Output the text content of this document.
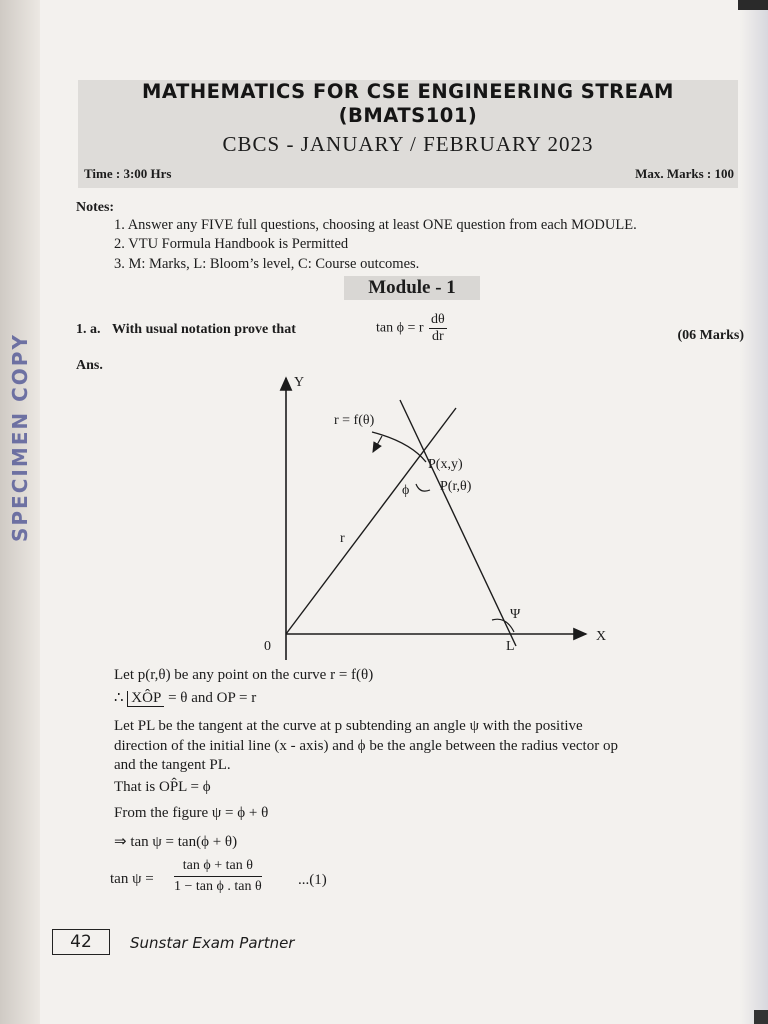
SPECIMEN COPY
MATHEMATICS FOR CSE ENGINEERING STREAM
(BMATS101)
CBCS - JANUARY / FEBRUARY 2023
Time : 3:00 Hrs	Max. Marks : 100
Notes:
1. Answer any FIVE full questions, choosing at least ONE question from each MODULE.
2. VTU Formula Handbook is Permitted
3. M: Marks, L: Bloom’s level, C: Course outcomes.
Module - 1
1. a. With usual notation prove that	tan ϕ = r $\frac{d\theta}{dr}$	(06 Marks)
Ans.
Y
X
0
r = f(θ)
P(x,y)
P(r,θ)
ϕ
Ψ
r
L
Let p(r,θ) be any point on the curve r = f(θ)
∴ XÔP = θ and OP = r
Let PL be the tangent at the curve at p subtending an angle ψ with the positive
direction of the initial line (x - axis) and ϕ be the angle between the radius vector op
and the tangent PL.
That is OP̂L = ϕ
From the figure ψ = ϕ + θ
⇒ tan ψ = tan(ϕ + θ)
$\tan \psi = \frac{\text{tan ϕ + tan θ}}{\text{1 − tan ϕ . tan θ}} ...(1)$
42	Sunstar Exam Partner
